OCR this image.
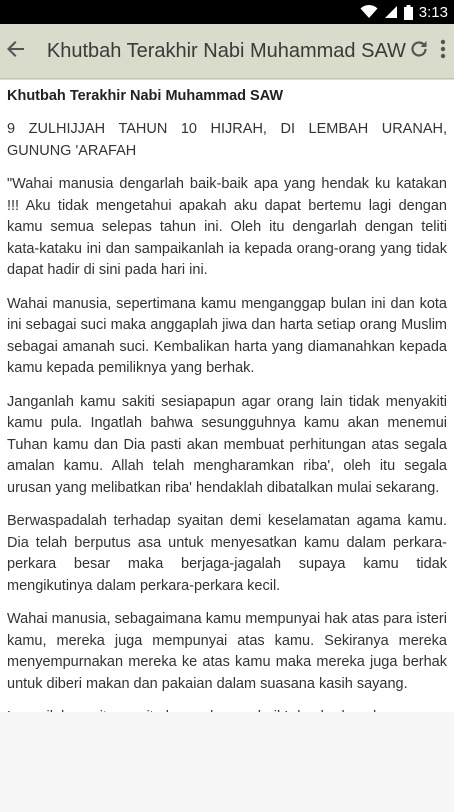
3:13
Khutbah Terakhir Nabi Muhammad SAW
Khutbah Terakhir Nabi Muhammad SAW

9 ZULHIJJAH TAHUN 10 HIJRAH, DI LEMBAH URANAH, GUNUNG 'ARAFAH

"Wahai manusia dengarlah baik-baik apa yang hendak ku katakan !!! Aku tidak mengetahui apakah aku dapat bertemu lagi dengan kamu semua selepas tahun ini. Oleh itu dengarlah dengan teliti kata-kataku ini dan sampaikanlah ia kepada orang-orang yang tidak dapat hadir di sini pada hari ini.

Wahai manusia, sepertimana kamu menganggap bulan ini dan kota ini sebagai suci maka anggaplah jiwa dan harta setiap orang Muslim sebagai amanah suci. Kembalikan harta yang diamanahkan kepada kamu kepada pemiliknya yang berhak.

Janganlah kamu sakiti sesiapapun agar orang lain tidak menyakiti kamu pula. Ingatlah bahwa sesungguhnya kamu akan menemui Tuhan kamu dan Dia pasti akan membuat perhitungan atas segala amalan kamu. Allah telah mengharamkan riba', oleh itu segala urusan yang melibatkan riba' hendaklah dibatalkan mulai sekarang.

Berwaspadalah terhadap syaitan demi keselamatan agama kamu. Dia telah berputus asa untuk menyesatkan kamu dalam perkara-perkara besar maka berjaga-jagalah supaya kamu tidak mengikutinya dalam perkara-perkara kecil.

Wahai manusia, sebagaimana kamu mempunyai hak atas para isteri kamu, mereka juga mempunyai atas kamu. Sekiranya mereka menyempurnakan mereka ke atas kamu maka mereka juga berhak untuk diberi makan dan pakaian dalam suasana kasih sayang.
